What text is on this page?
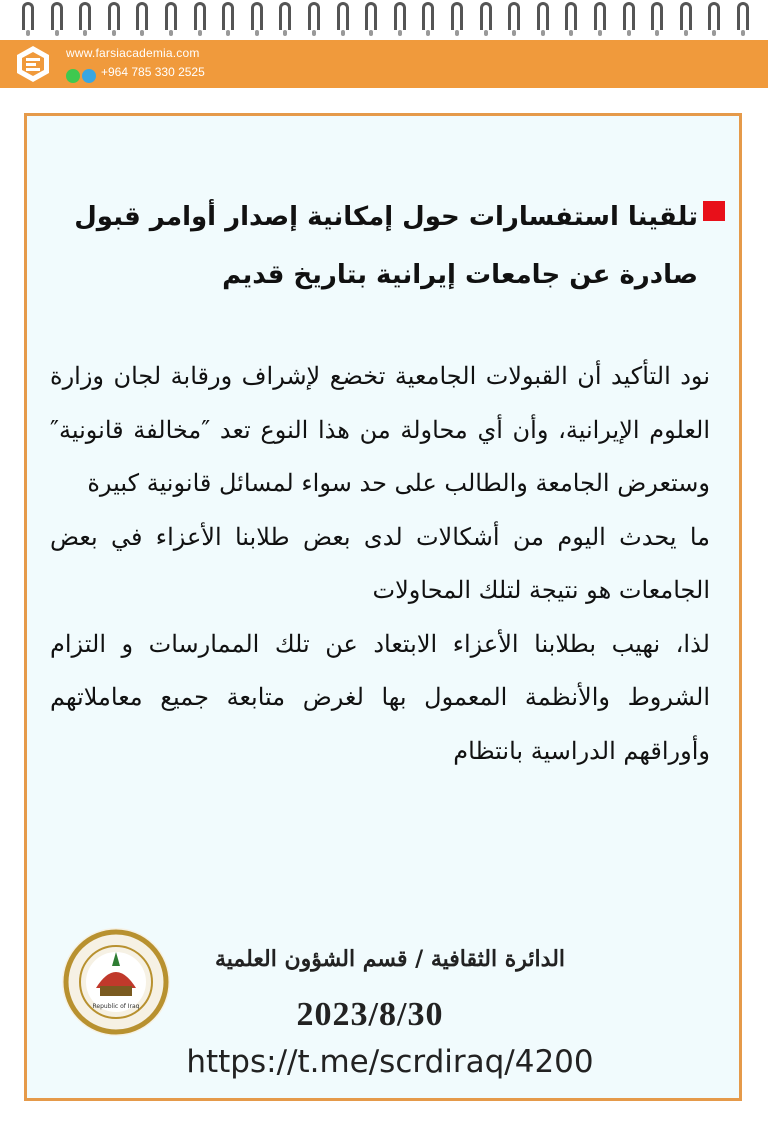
www.farsiacademia.com
+964 785 330 2525
تلقينا استفسارات حول إمكانية إصدار أوامر قبول صادرة عن جامعات إيرانية بتاريخ قديم

نود التأكيد أن القبولات الجامعية تخضع لإشراف ورقابة لجان وزارة العلوم الإيرانية، وأن أي محاولة من هذا النوع تعد ″مخالفة قانونية″ وستعرض الجامعة والطالب على حد سواء لمسائل قانونية كبيرة

ما يحدث اليوم من أشكالات لدى بعض طلابنا الأعزاء في بعض الجامعات هو نتيجة لتلك المحاولات

لذا، نهيب بطلابنا الأعزاء الابتعاد عن تلك الممارسات و التزام الشروط والأنظمة المعمول بها لغرض متابعة جميع معاملاتهم وأوراقهم الدراسية بانتظام

Republic of Iraq
الدائرة الثقافية / قسم الشؤون العلمية
2023/8/30
https://t.me/scrdiraq/4200
